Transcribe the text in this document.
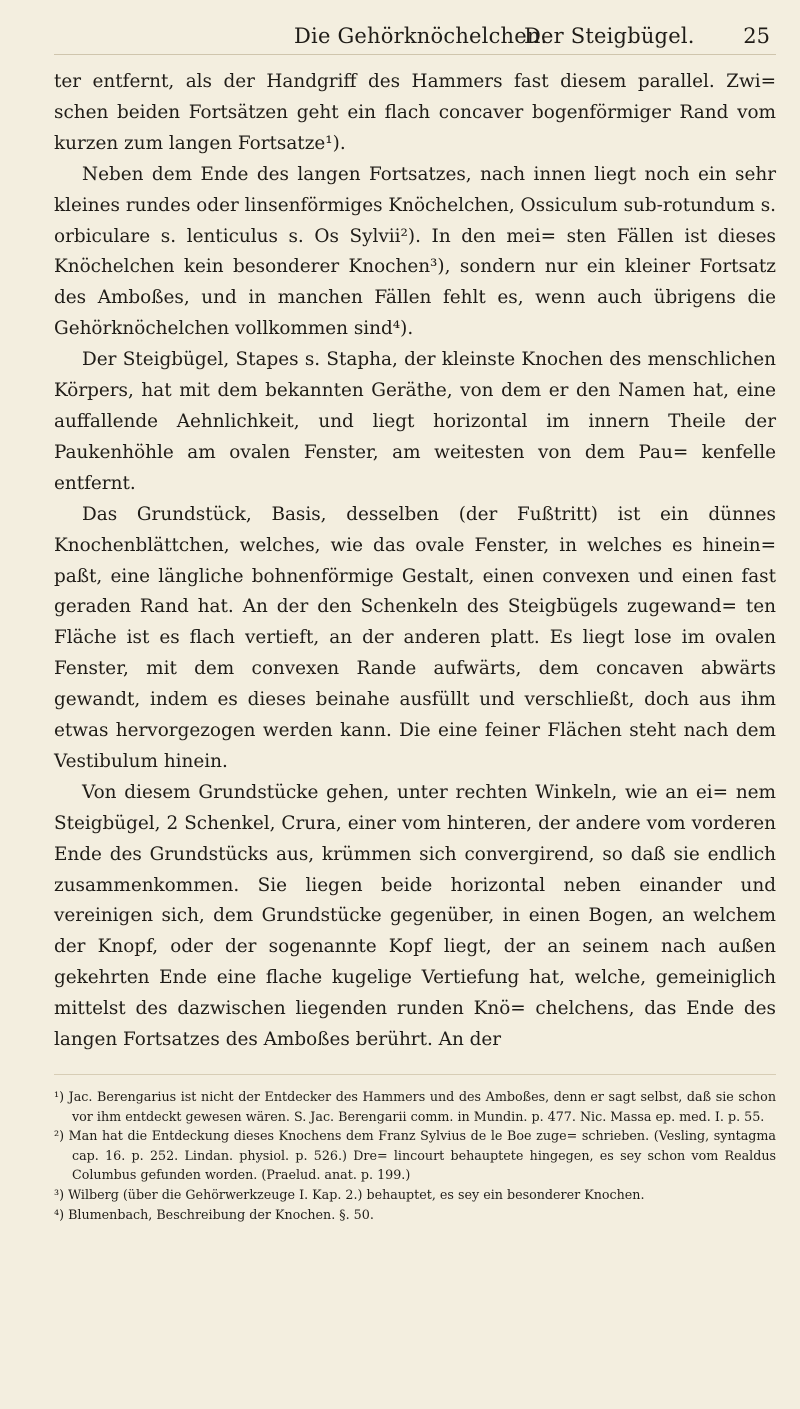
Die Gehörknöchelchen.
Der Steigbügel. 25

ter entfernt, als der Handgriff des Hammers fast diesem parallel. Zwi= schen beiden Fortsätzen geht ein flach concaver bogenförmiger Rand vom kurzen zum langen Fortsatze¹).

Neben dem Ende des langen Fortsatzes, nach innen liegt noch ein sehr kleines rundes oder linsenförmiges Knöchelchen, Ossiculum sub-rotundum s. orbiculare s. lenticulus s. Os Sylvii²). In den mei= sten Fällen ist dieses Knöchelchen kein besonderer Knochen³), sondern nur ein kleiner Fortsatz des Amboßes, und in manchen Fällen fehlt es, wenn auch übrigens die Gehörknöchelchen vollkommen sind⁴).

Der Steigbügel, Stapes s. Stapha, der kleinste Knochen des menschlichen Körpers, hat mit dem bekannten Geräthe, von dem er den Namen hat, eine auffallende Aehnlichkeit, und liegt horizontal im innern Theile der Paukenhöhle am ovalen Fenster, am weitesten von dem Pau= kenfelle entfernt.

Das Grundstück, Basis, desselben (der Fußtritt) ist ein dünnes Knochenblättchen, welches, wie das ovale Fenster, in welches es hinein= paßt, eine längliche bohnenförmige Gestalt, einen convexen und einen fast geraden Rand hat. An der den Schenkeln des Steigbügels zugewand= ten Fläche ist es flach vertieft, an der anderen platt. Es liegt lose im ovalen Fenster, mit dem convexen Rande aufwärts, dem concaven abwärts gewandt, indem es dieses beinahe ausfüllt und verschließt, doch aus ihm etwas hervorgezogen werden kann. Die eine feiner Flächen steht nach dem Vestibulum hinein.

Von diesem Grundstücke gehen, unter rechten Winkeln, wie an ei= nem Steigbügel, 2 Schenkel, Crura, einer vom hinteren, der andere vom vorderen Ende des Grundstücks aus, krümmen sich convergirend, so daß sie endlich zusammenkommen. Sie liegen beide horizontal neben einander und vereinigen sich, dem Grundstücke gegenüber, in einen Bogen, an welchem der Knopf, oder der sogenannte Kopf liegt, der an seinem nach außen gekehrten Ende eine flache kugelige Vertiefung hat, welche, gemeiniglich mittelst des dazwischen liegenden runden Knö= chelchens, das Ende des langen Fortsatzes des Amboßes berührt. An der

¹) Jac. Berengarius ist nicht der Entdecker des Hammers und des Amboßes, denn er sagt selbst, daß sie schon vor ihm entdeckt gewesen wären. S. Jac. Berengarii comm. in Mundin. p. 477. Nic. Massa ep. med. I. p. 55.

²) Man hat die Entdeckung dieses Knochens dem Franz Sylvius de le Boe zuge= schrieben. (Vesling, syntagma cap. 16. p. 252. Lindan. physiol. p. 526.) Dre= lincourt behauptete hingegen, es sey schon vom Realdus Columbus gefunden worden. (Praelud. anat. p. 199.)

³) Wilberg (über die Gehörwerkzeuge I. Kap. 2.) behauptet, es sey ein besonderer Knochen.

⁴) Blumenbach, Beschreibung der Knochen. §. 50.
